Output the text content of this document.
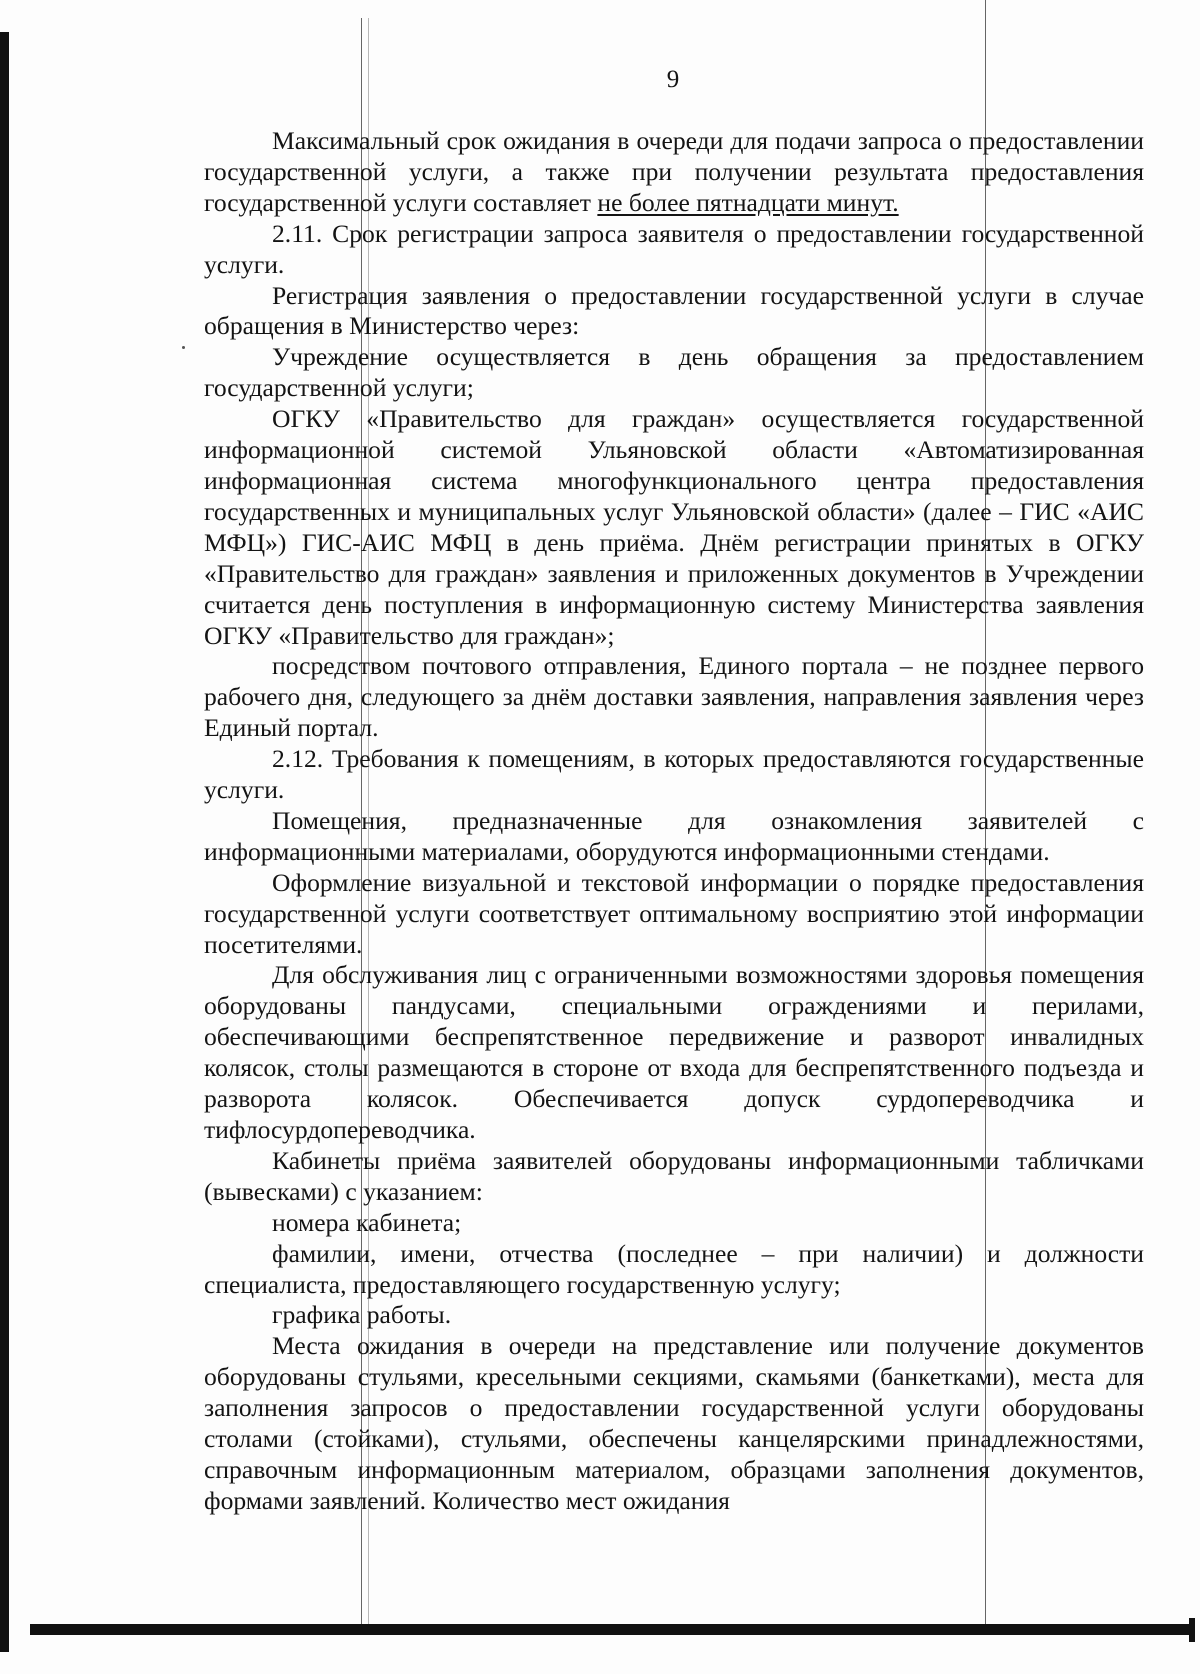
9

Максимальный срок ожидания в очереди для подачи запроса о предоставлении государственной услуги, а также при получении результата предоставления государственной услуги составляет не более пятнадцати минут.

2.11. Срок регистрации запроса заявителя о предоставлении государственной услуги.

Регистрация заявления о предоставлении государственной услуги в случае обращения в Министерство через:

Учреждение осуществляется в день обращения за предоставлением государственной услуги;

ОГКУ «Правительство для граждан» осуществляется государственной информационной системой Ульяновской области «Автоматизированная информационная система многофункционального центра предоставления государственных и муниципальных услуг Ульяновской области» (далее – ГИС «АИС МФЦ») ГИС-АИС МФЦ в день приёма. Днём регистрации принятых в ОГКУ «Правительство для граждан» заявления и приложенных документов в Учреждении считается день поступления в информационную систему Министерства заявления ОГКУ «Правительство для граждан»;

посредством почтового отправления, Единого портала – не позднее первого рабочего дня, следующего за днём доставки заявления, направления заявления через Единый портал.

2.12. Требования к помещениям, в которых предоставляются государственные услуги.

Помещения, предназначенные для ознакомления заявителей с информационными материалами, оборудуются информационными стендами.

Оформление визуальной и текстовой информации о порядке предоставления государственной услуги соответствует оптимальному восприятию этой информации посетителями.

Для обслуживания лиц с ограниченными возможностями здоровья помещения оборудованы пандусами, специальными ограждениями и перилами, обеспечивающими беспрепятственное передвижение и разворот инвалидных колясок, столы размещаются в стороне от входа для беспрепятственного подъезда и разворота колясок. Обеспечивается допуск сурдопереводчика и тифлосурдопереводчика.

Кабинеты приёма заявителей оборудованы информационными табличками (вывесками) с указанием:

номера кабинета;

фамилии, имени, отчества (последнее – при наличии) и должности специалиста, предоставляющего государственную услугу;

графика работы.

Места ожидания в очереди на представление или получение документов оборудованы стульями, кресельными секциями, скамьями (банкетками), места для заполнения запросов о предоставлении государственной услуги оборудованы столами (стойками), стульями, обеспечены канцелярскими принадлежностями, справочным информационным материалом, образцами заполнения документов, формами заявлений. Количество мест ожидания
